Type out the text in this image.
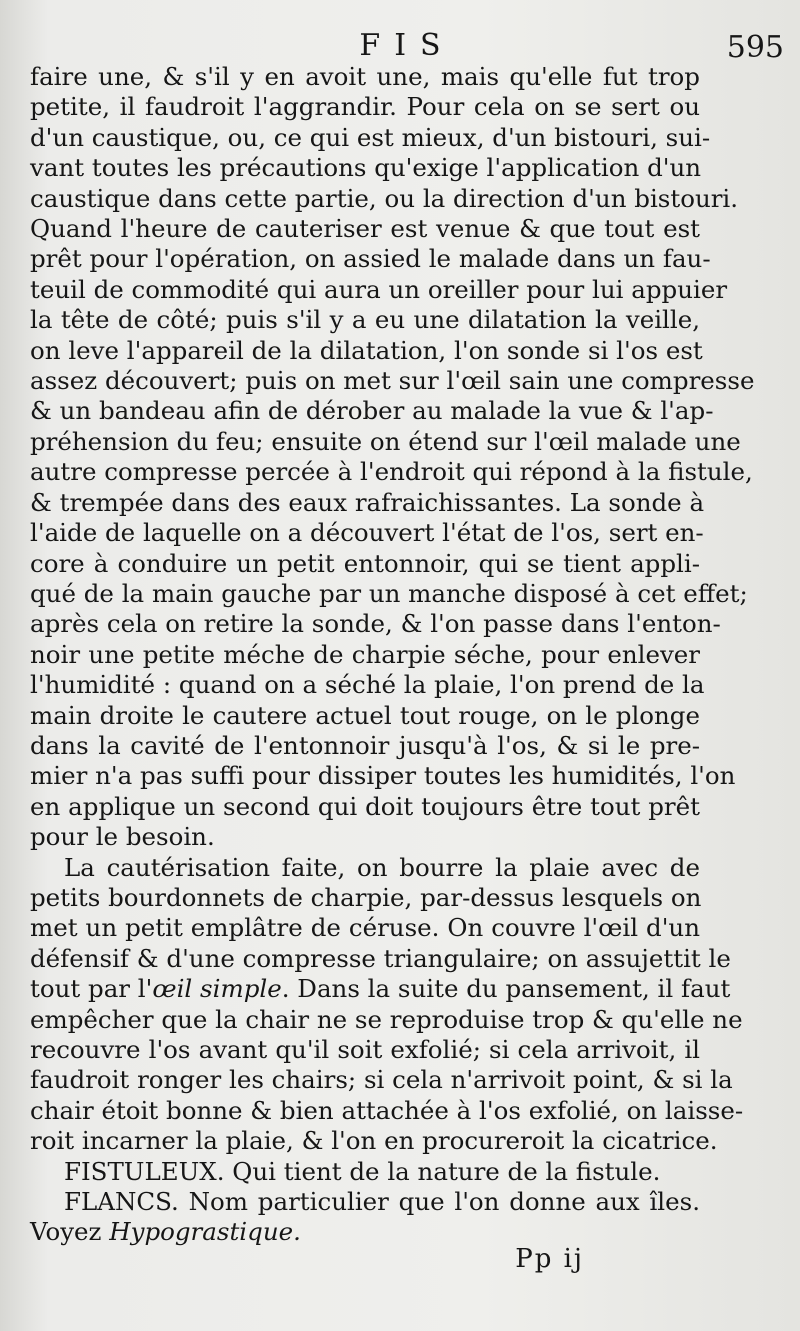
FIS	595
faire une, & s'il y en avoit une, mais qu'elle fut trop
petite, il faudroit l'aggrandir. Pour cela on se sert ou
d'un caustique, ou, ce qui est mieux, d'un bistouri, sui-
vant toutes les précautions qu'exige l'application d'un
caustique dans cette partie, ou la direction d'un bistouri.
Quand l'heure de cauteriser est venue & que tout est
prêt pour l'opération, on assied le malade dans un fau-
teuil de commodité qui aura un oreiller pour lui appuier
la tête de côté; puis s'il y a eu une dilatation la veille,
on leve l'appareil de la dilatation, l'on sonde si l'os est
assez découvert; puis on met sur l'œil sain une compresse
& un bandeau afin de dérober au malade la vue & l'ap-
préhension du feu; ensuite on étend sur l'œil malade une
autre compresse percée à l'endroit qui répond à la fistule,
& trempée dans des eaux rafraichissantes. La sonde à
l'aide de laquelle on a découvert l'état de l'os, sert en-
core à conduire un petit entonnoir, qui se tient appli-
qué de la main gauche par un manche disposé à cet effet;
après cela on retire la sonde, & l'on passe dans l'enton-
noir une petite méche de charpie séche, pour enlever
l'humidité : quand on a séché la plaie, l'on prend de la
main droite le cautere actuel tout rouge, on le plonge
dans la cavité de l'entonnoir jusqu'à l'os, & si le pre-
mier n'a pas suffi pour dissiper toutes les humidités, l'on
en applique un second qui doit toujours être tout prêt
pour le besoin.
La cautérisation faite, on bourre la plaie avec de
petits bourdonnets de charpie, par-dessus lesquels on
met un petit emplâtre de céruse. On couvre l'œil d'un
défensif & d'une compresse triangulaire; on assujettit le
tout par l'œil simple. Dans la suite du pansement, il faut
empêcher que la chair ne se reproduise trop & qu'elle ne
recouvre l'os avant qu'il soit exfolié; si cela arrivoit, il
faudroit ronger les chairs; si cela n'arrivoit point, & si la
chair étoit bonne & bien attachée à l'os exfolié, on laisse-
roit incarner la plaie, & l'on en procureroit la cicatrice.
FISTULEUX. Qui tient de la nature de la fistule.
FLANCS. Nom particulier que l'on donne aux îles.
Voyez Hypograstique.
Pp ij
